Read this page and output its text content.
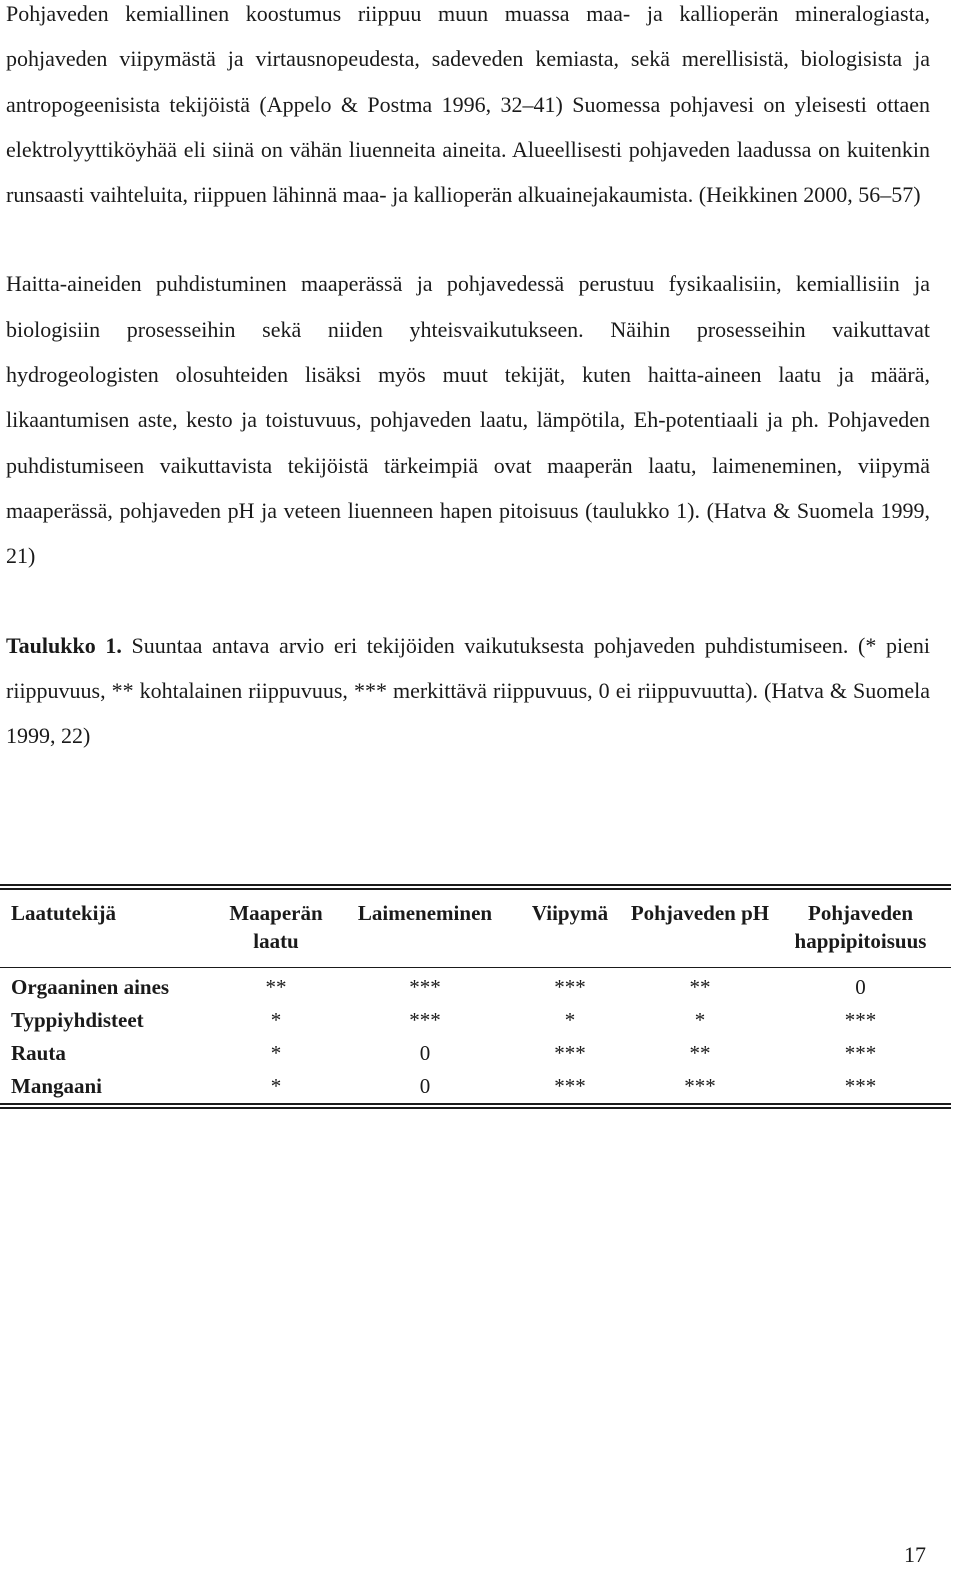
Pohjaveden kemiallinen koostumus riippuu muun muassa maa- ja kallioperän mineralogiasta, pohjaveden viipymästä ja virtausnopeudesta, sadeveden kemiasta, sekä merellisistä, biologisista ja antropogeenisista tekijöistä (Appelo & Postma 1996, 32–41) Suomessa pohjavesi on yleisesti ottaen elektrolyyttiköyhää eli siinä on vähän liuenneita aineita. Alueellisesti pohjaveden laadussa on kuitenkin runsaasti vaihteluita, riippuen lähinnä maa- ja kallioperän alkuainejakaumista. (Heikkinen 2000, 56–57)

Haitta-aineiden puhdistuminen maaperässä ja pohjavedessä perustuu fysikaalisiin, kemiallisiin ja biologisiin prosesseihin sekä niiden yhteisvaikutukseen. Näihin prosesseihin vaikuttavat hydrogeologisten olosuhteiden lisäksi myös muut tekijät, kuten haitta-aineen laatu ja määrä, likaantumisen aste, kesto ja toistuvuus, pohjaveden laatu, lämpötila, Eh-potentiaali ja ph. Pohjaveden puhdistumiseen vaikuttavista tekijöistä tärkeimpiä ovat maaperän laatu, laimeneminen, viipymä maaperässä, pohjaveden pH ja veteen liuenneen hapen pitoisuus (taulukko 1). (Hatva & Suomela 1999, 21)

Taulukko 1. Suuntaa antava arvio eri tekijöiden vaikutuksesta pohjaveden puhdistumiseen. (* pieni riippuvuus, ** kohtalainen riippuvuus, *** merkittävä riippuvuus, 0 ei riippuvuutta). (Hatva & Suomela 1999, 22)

Laatutekijä	Maaperän laatu	Laimeneminen	Viipymä	Pohjaveden pH	Pohjaveden happipitoisuus

Orgaaninen aines	**	***	***	**	0
Typpiyhdisteet	*	***	*	*	***
Rauta	*	0	***	**	***
Mangaani	*	0	***	***	***
17
